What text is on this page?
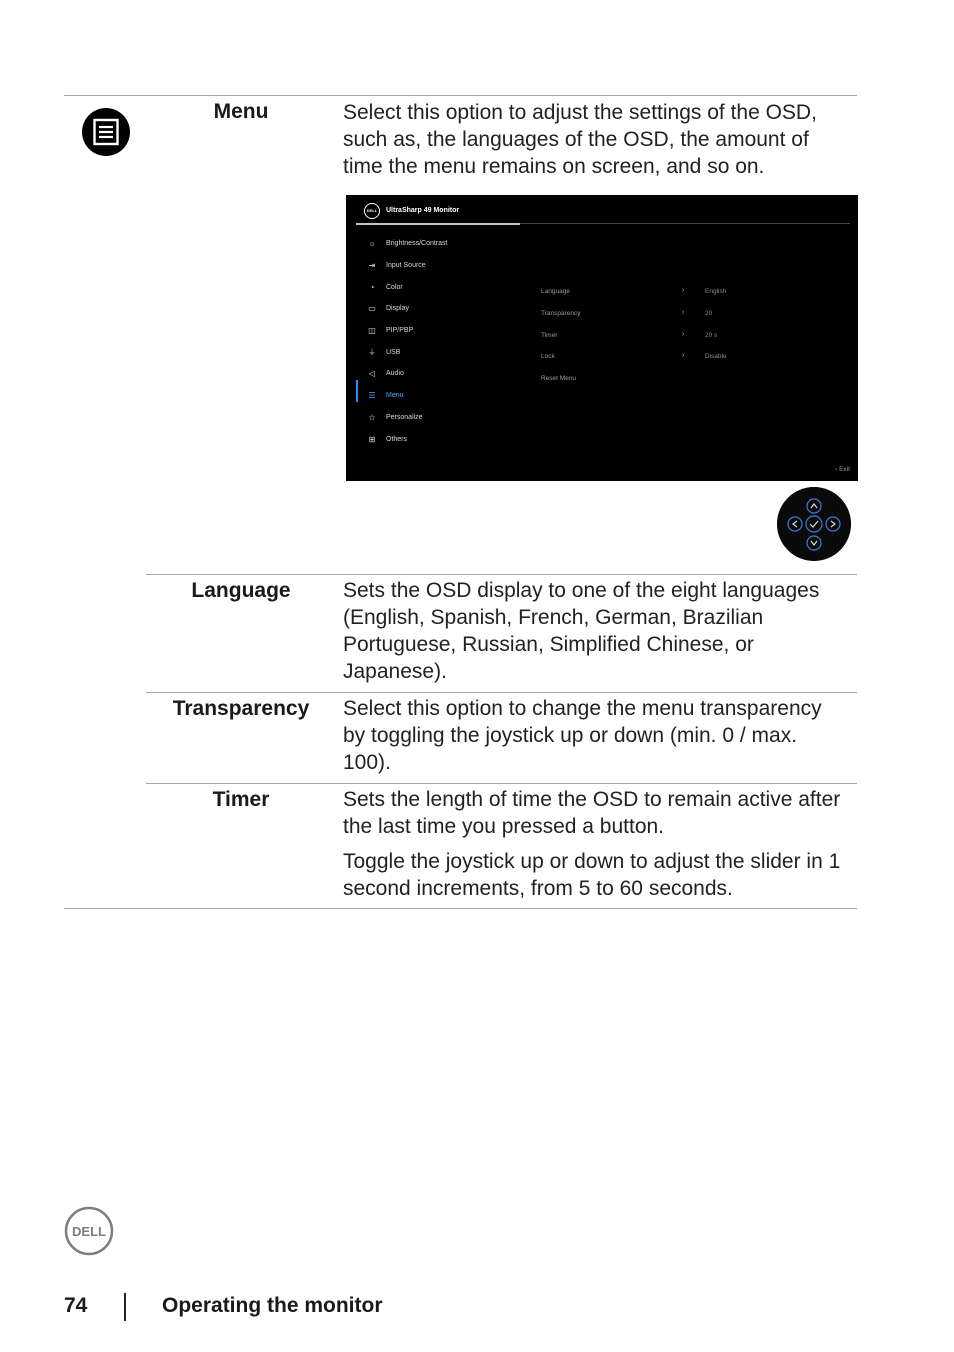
Menu	Select this option to adjust the settings of the OSD, such as, the languages of the OSD, the amount of time the menu remains on screen, and so on.

DELL	UltraSharp 49 Monitor
☼	Brightness/Contrast
⇥	Input Source
◔	Color
▭	Display
◫	PIP/PBP
⏚ USB
◁	Audio
☰	Menu
☆	Personalize
⊞	Others
Language	›	English
Transparency	›	20
Timer	›	20 s
Lock	›	Disable
Reset Menu
‹ Exit
Language	Sets the OSD display to one of the eight languages (English, Spanish, French, German, Brazilian Portuguese, Russian, Simplified Chinese, or Japanese).

Transparency	Select this option to change the menu transparency by toggling the joystick up or down (min. 0 / max. 100).

Timer	Sets the length of time the OSD to remain active after the last time you pressed a button.

Toggle the joystick up or down to adjust the slider in 1 second increments, from 5 to 60 seconds.

DELL
74	Operating the monitor
